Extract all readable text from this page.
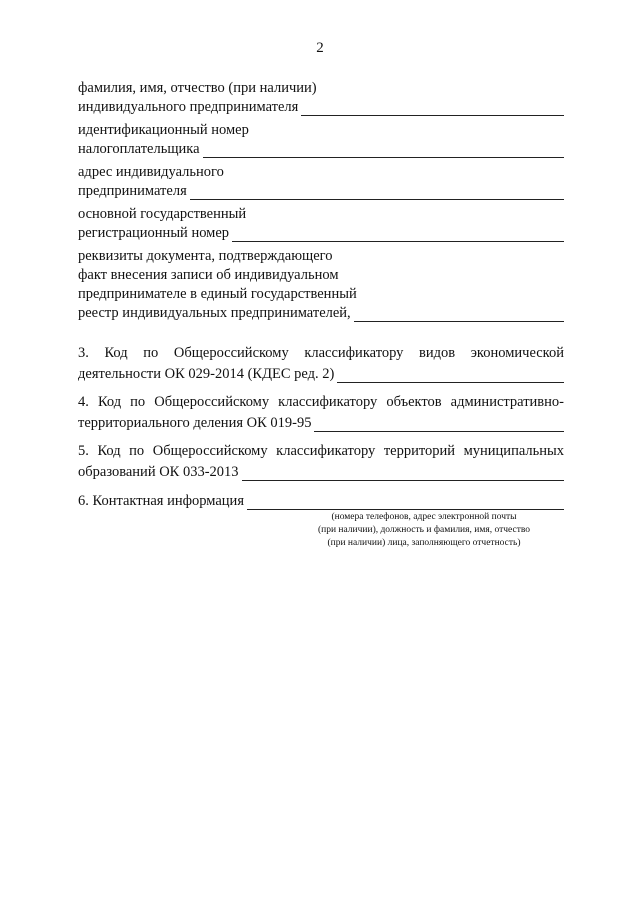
2
фамилия, имя, отчество (при наличии)
индивидуального предпринимателя
идентификационный номер
налогоплательщика
адрес индивидуального
предпринимателя
основной государственный
регистрационный номер
реквизиты документа, подтверждающего
факт внесения записи об индивидуальном
предпринимателе в единый государственный
реестр индивидуальных предпринимателей,
3. Код по Общероссийскому классификатору видов экономической
деятельности ОК 029-2014 (КДЕС ред. 2)
4. Код по Общероссийскому классификатору объектов административно-
территориального деления ОК 019-95
5. Код по Общероссийскому классификатору территорий муниципальных
образований ОК 033-2013
6. Контактная информация
(номера телефонов, адрес электронной почты
(при наличии), должность и фамилия, имя, отчество
(при наличии) лица, заполняющего отчетность)
